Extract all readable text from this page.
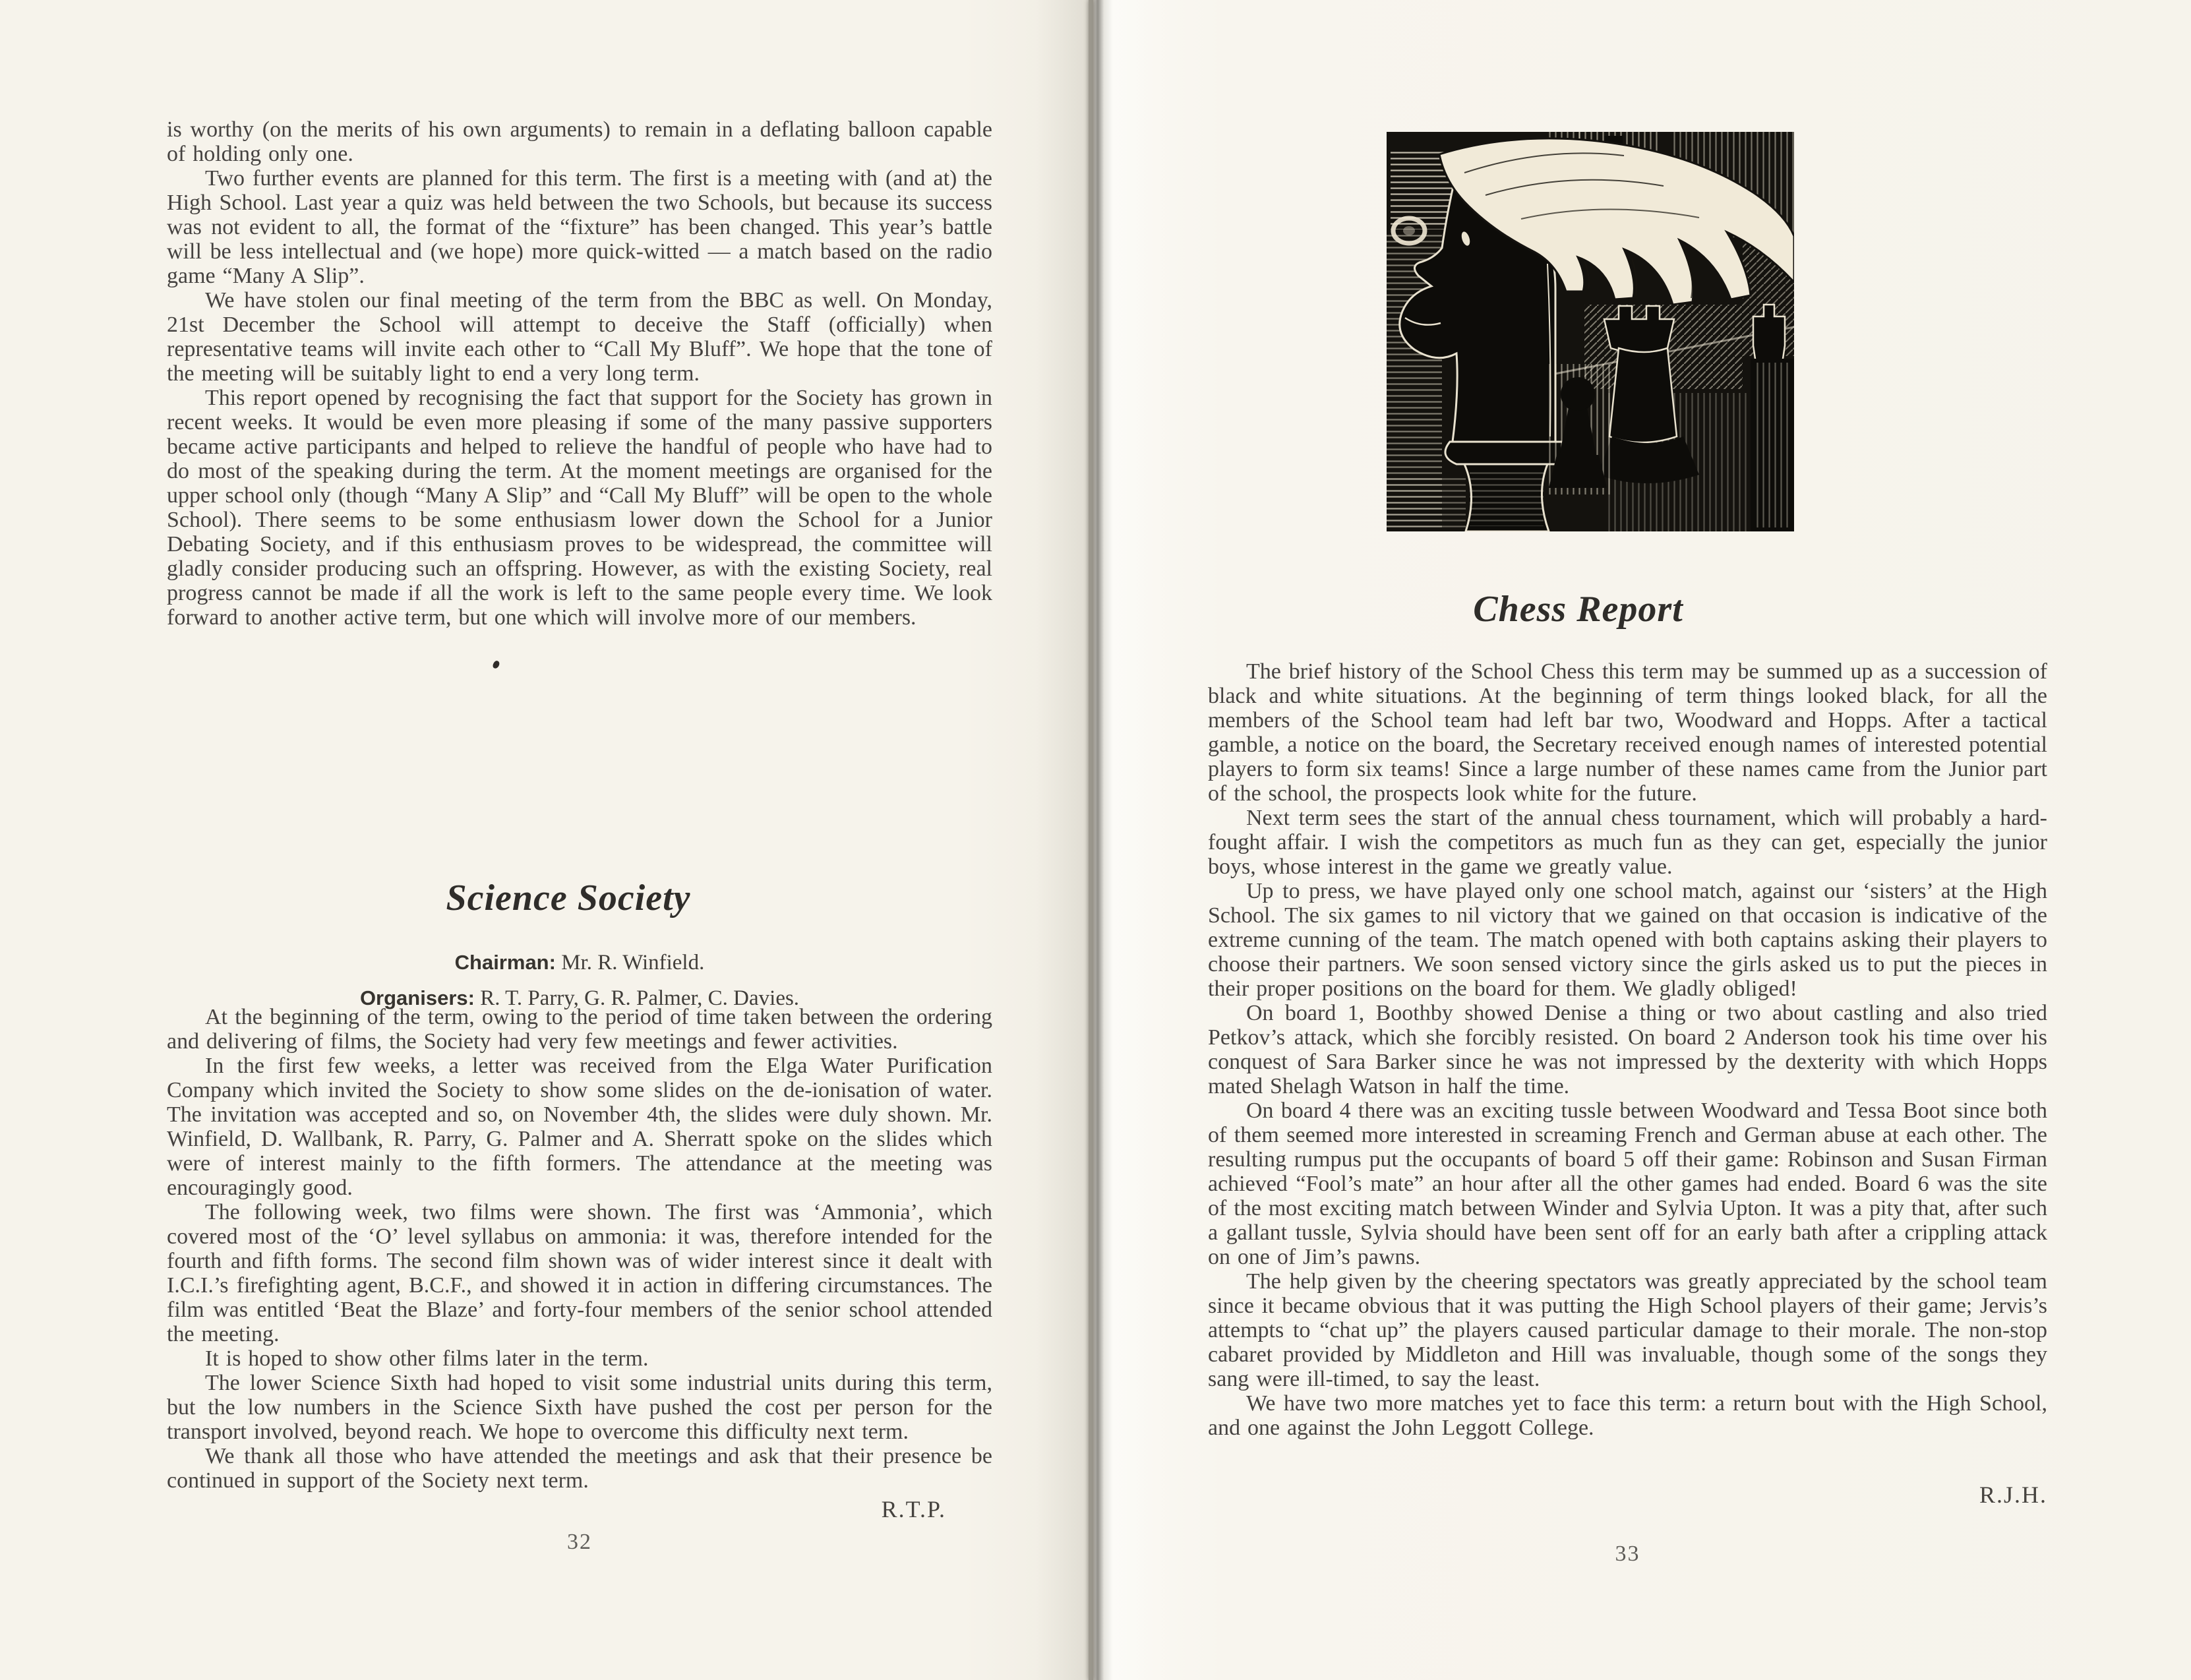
is worthy (on the merits of his own arguments) to remain in a deflating balloon capable of holding only one.

Two further events are planned for this term. The first is a meeting with (and at) the High School. Last year a quiz was held between the two Schools, but because its success was not evident to all, the format of the “fixture” has been changed. This year’s battle will be less intellectual and (we hope) more quick-witted — a match based on the radio game “Many A Slip”.

We have stolen our final meeting of the term from the BBC as well. On Monday, 21st December the School will attempt to deceive the Staff (officially) when representative teams will invite each other to “Call My Bluff”. We hope that the tone of the meeting will be suitably light to end a very long term.

This report opened by recognising the fact that support for the Society has grown in recent weeks. It would be even more pleasing if some of the many passive supporters became active participants and helped to relieve the handful of people who have had to do most of the speaking during the term. At the moment meetings are organised for the upper school only (though “Many A Slip” and “Call My Bluff” will be open to the whole School). There seems to be some enthusiasm lower down the School for a Junior Debating Society, and if this enthusiasm proves to be widespread, the committee will gladly consider producing such an offspring. However, as with the existing Society, real progress cannot be made if all the work is left to the same people every time. We look forward to another active term, but one which will involve more of our members.

Science Society
Chairman: Mr. R. Winfield.
Organisers: R. T. Parry, G. R. Palmer, C. Davies.

At the beginning of the term, owing to the period of time taken between the ordering and delivering of films, the Society had very few meetings and fewer activities.

In the first few weeks, a letter was received from the Elga Water Purification Company which invited the Society to show some slides on the de-ionisation of water. The invitation was accepted and so, on November 4th, the slides were duly shown. Mr. Winfield, D. Wallbank, R. Parry, G. Palmer and A. Sherratt spoke on the slides which were of interest mainly to the fifth formers. The attendance at the meeting was encouragingly good.

The following week, two films were shown. The first was ‘Ammonia’, which covered most of the ‘O’ level syllabus on ammonia: it was, therefore intended for the fourth and fifth forms. The second film shown was of wider interest since it dealt with I.C.I.’s firefighting agent, B.C.F., and showed it in action in differing circumstances. The film was entitled ‘Beat the Blaze’ and forty-four members of the senior school attended the meeting.

It is hoped to show other films later in the term.

The lower Science Sixth had hoped to visit some industrial units during this term, but the low numbers in the Science Sixth have pushed the cost per person for the transport involved, beyond reach. We hope to overcome this difficulty next term.

We thank all those who have attended the meetings and ask that their presence be continued in support of the Society next term.

R.T.P.
32
Chess Report

The brief history of the School Chess this term may be summed up as a succession of black and white situations. At the beginning of term things looked black, for all the members of the School team had left bar two, Woodward and Hopps. After a tactical gamble, a notice on the board, the Secretary received enough names of interested potential players to form six teams! Since a large number of these names came from the Junior part of the school, the prospects look white for the future.

Next term sees the start of the annual chess tournament, which will probably a hard-fought affair. I wish the competitors as much fun as they can get, especially the junior boys, whose interest in the game we greatly value.

Up to press, we have played only one school match, against our ‘sisters’ at the High School. The six games to nil victory that we gained on that occasion is indicative of the extreme cunning of the team. The match opened with both captains asking their players to choose their partners. We soon sensed victory since the girls asked us to put the pieces in their proper positions on the board for them. We gladly obliged!

On board 1, Boothby showed Denise a thing or two about castling and also tried Petkov’s attack, which she forcibly resisted. On board 2 Anderson took his time over his conquest of Sara Barker since he was not impressed by the dexterity with which Hopps mated Shelagh Watson in half the time.

On board 4 there was an exciting tussle between Woodward and Tessa Boot since both of them seemed more interested in screaming French and German abuse at each other. The resulting rumpus put the occupants of board 5 off their game: Robinson and Susan Firman achieved “Fool’s mate” an hour after all the other games had ended. Board 6 was the site of the most exciting match between Winder and Sylvia Upton. It was a pity that, after such a gallant tussle, Sylvia should have been sent off for an early bath after a crippling attack on one of Jim’s pawns.

The help given by the cheering spectators was greatly appreciated by the school team since it became obvious that it was putting the High School players of their game; Jervis’s attempts to “chat up” the players caused particular damage to their morale. The non-stop cabaret provided by Middleton and Hill was invaluable, though some of the songs they sang were ill-timed, to say the least.

We have two more matches yet to face this term: a return bout with the High School, and one against the John Leggott College.

R.J.H.
33
